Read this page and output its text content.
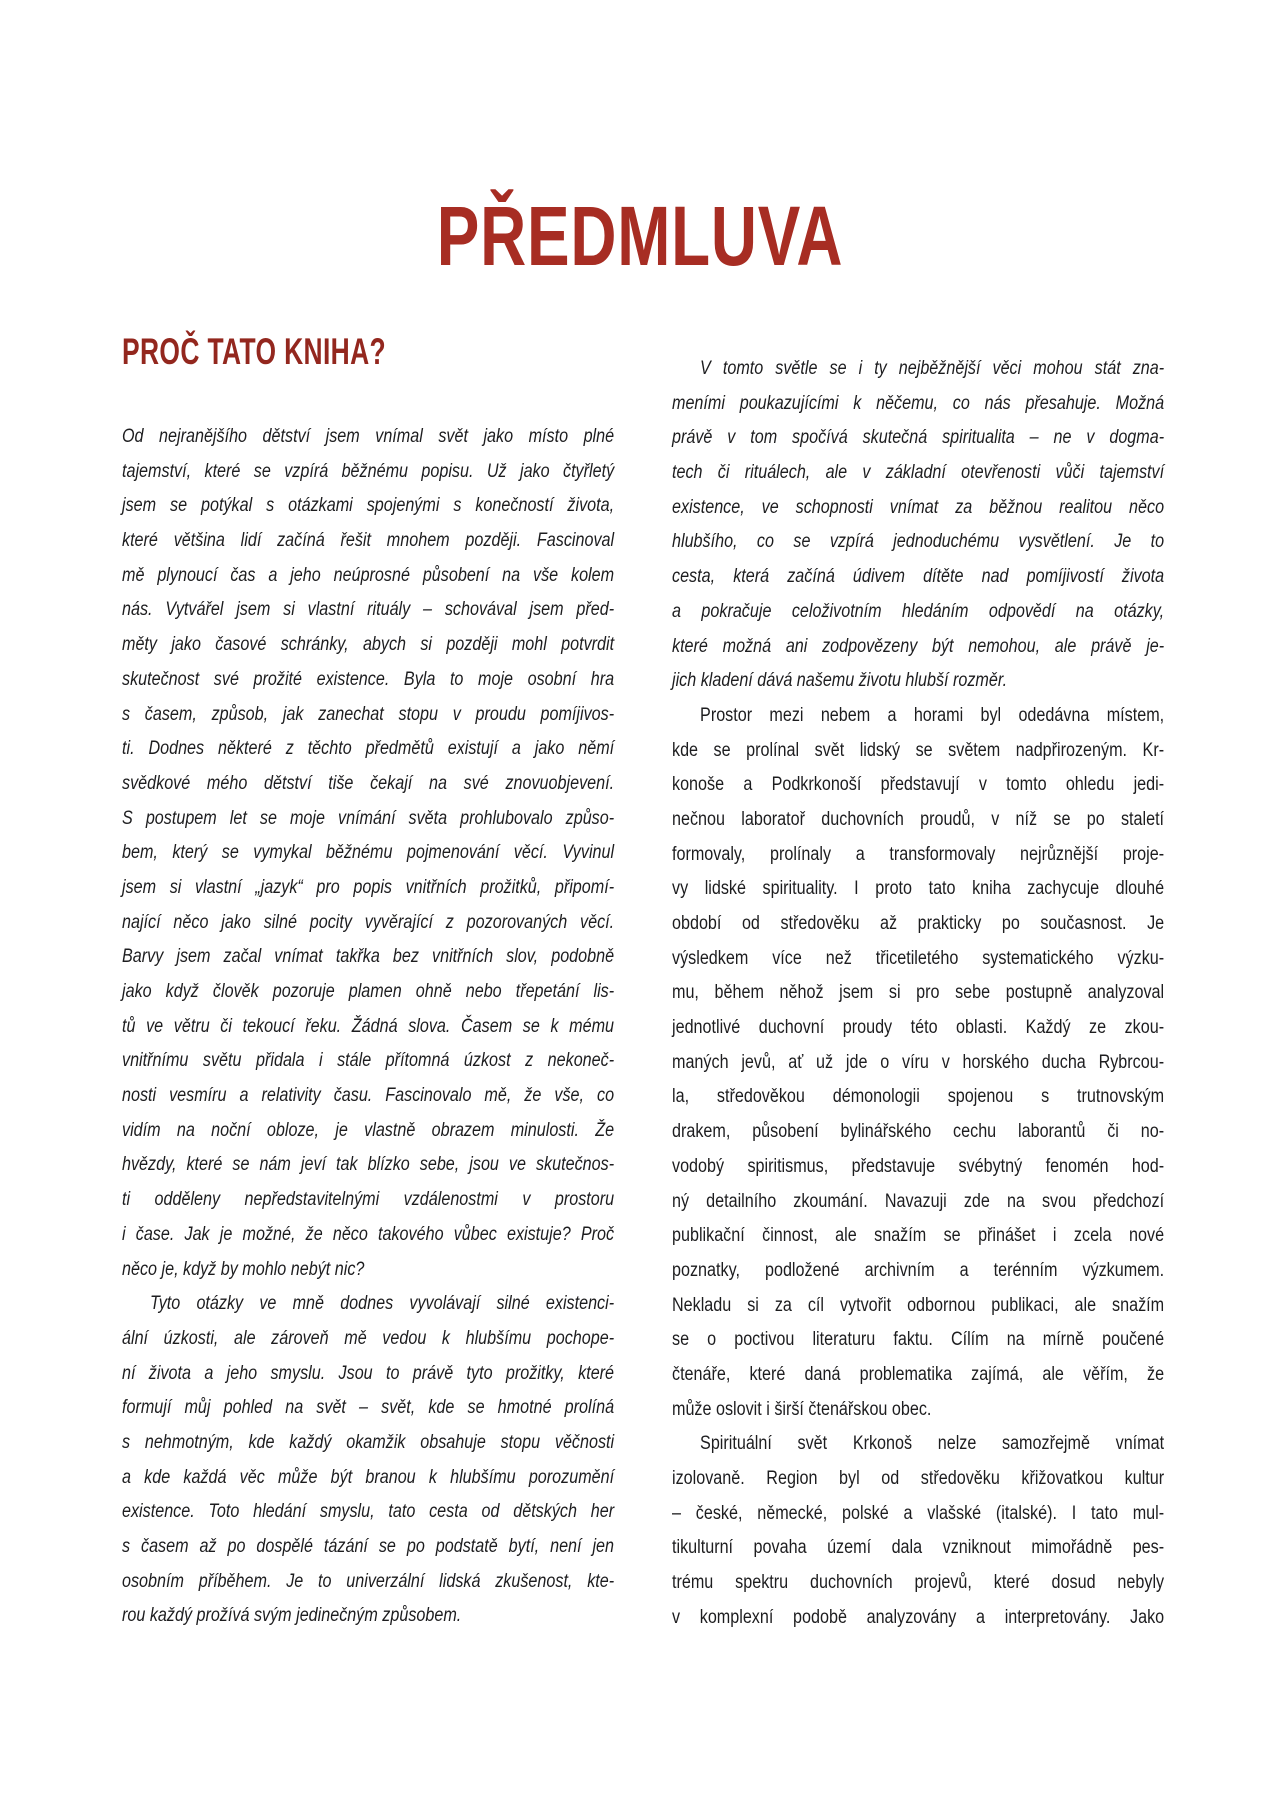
PŘEDMLUVA
PROČ TATO KNIHA?
Od nejranějšího dětství jsem vnímal svět jako místo plné
tajemství, které se vzpírá běžnému popisu. Už jako čtyřletý
jsem se potýkal s otázkami spojenými s konečností života,
které většina lidí začíná řešit mnohem později. Fascinoval
mě plynoucí čas a jeho neúprosné působení na vše kolem
nás. Vytvářel jsem si vlastní rituály – schovával jsem před-
měty jako časové schránky, abych si později mohl potvrdit
skutečnost své prožité existence. Byla to moje osobní hra
s časem, způsob, jak zanechat stopu v proudu pomíjivos-
ti. Dodnes některé z těchto předmětů existují a jako němí
svědkové mého dětství tiše čekají na své znovuobjevení.
S postupem let se moje vnímání světa prohlubovalo způso-
bem, který se vymykal běžnému pojmenování věcí. Vyvinul
jsem si vlastní „jazyk“ pro popis vnitřních prožitků, připomí-
nající něco jako silné pocity vyvěrající z pozorovaných věcí.
Barvy jsem začal vnímat takřka bez vnitřních slov, podobně
jako když člověk pozoruje plamen ohně nebo třepetání lis-
tů ve větru či tekoucí řeku. Žádná slova. Časem se k mému
vnitřnímu světu přidala i stále přítomná úzkost z nekoneč-
nosti vesmíru a relativity času. Fascinovalo mě, že vše, co
vidím na noční obloze, je vlastně obrazem minulosti. Že
hvězdy, které se nám jeví tak blízko sebe, jsou ve skutečnos-
ti odděleny nepředstavitelnými vzdálenostmi v prostoru
i čase. Jak je možné, že něco takového vůbec existuje? Proč
něco je, když by mohlo nebýt nic?
Tyto otázky ve mně dodnes vyvolávají silné existenci-
ální úzkosti, ale zároveň mě vedou k hlubšímu pochope-
ní života a jeho smyslu. Jsou to právě tyto prožitky, které
formují můj pohled na svět – svět, kde se hmotné prolíná
s nehmotným, kde každý okamžik obsahuje stopu věčnosti
a kde každá věc může být branou k hlubšímu porozumění
existence. Toto hledání smyslu, tato cesta od dětských her
s časem až po dospělé tázání se po podstatě bytí, není jen
osobním příběhem. Je to univerzální lidská zkušenost, kte-
rou každý prožívá svým jedinečným způsobem.
V tomto světle se i ty nejběžnější věci mohou stát zna-
meními poukazujícími k něčemu, co nás přesahuje. Možná
právě v tom spočívá skutečná spiritualita – ne v dogma-
tech či rituálech, ale v základní otevřenosti vůči tajemství
existence, ve schopnosti vnímat za běžnou realitou něco
hlubšího, co se vzpírá jednoduchému vysvětlení. Je to
cesta, která začíná údivem dítěte nad pomíjivostí života
a pokračuje celoživotním hledáním odpovědí na otázky,
které možná ani zodpovězeny být nemohou, ale právě je-
jich kladení dává našemu životu hlubší rozměr.
Prostor mezi nebem a horami byl odedávna místem,
kde se prolínal svět lidský se světem nadpřirozeným. Kr-
konoše a Podkrkonoší představují v tomto ohledu jedi-
nečnou laboratoř duchovních proudů, v níž se po staletí
formovaly, prolínaly a transformovaly nejrůznější proje-
vy lidské spirituality. I proto tato kniha zachycuje dlouhé
období od středověku až prakticky po současnost. Je
výsledkem více než třicetiletého systematického výzku-
mu, během něhož jsem si pro sebe postupně analyzoval
jednotlivé duchovní proudy této oblasti. Každý ze zkou-
maných jevů, ať už jde o víru v horského ducha Rybrcou-
la, středověkou démonologii spojenou s trutnovským
drakem, působení bylinářského cechu laborantů či no-
vodobý spiritismus, představuje svébytný fenomén hod-
ný detailního zkoumání. Navazuji zde na svou předchozí
publikační činnost, ale snažím se přinášet i zcela nové
poznatky, podložené archivním a terénním výzkumem.
Nekladu si za cíl vytvořit odbornou publikaci, ale snažím
se o poctivou literaturu faktu. Cílím na mírně poučené
čtenáře, které daná problematika zajímá, ale věřím, že
může oslovit i širší čtenářskou obec.
Spirituální svět Krkonoš nelze samozřejmě vnímat
izolovaně. Region byl od středověku křižovatkou kultur
– české, německé, polské a vlašské (italské). I tato mul-
tikulturní povaha území dala vzniknout mimořádně pes-
trému spektru duchovních projevů, které dosud nebyly
v komplexní podobě analyzovány a interpretovány. Jako
